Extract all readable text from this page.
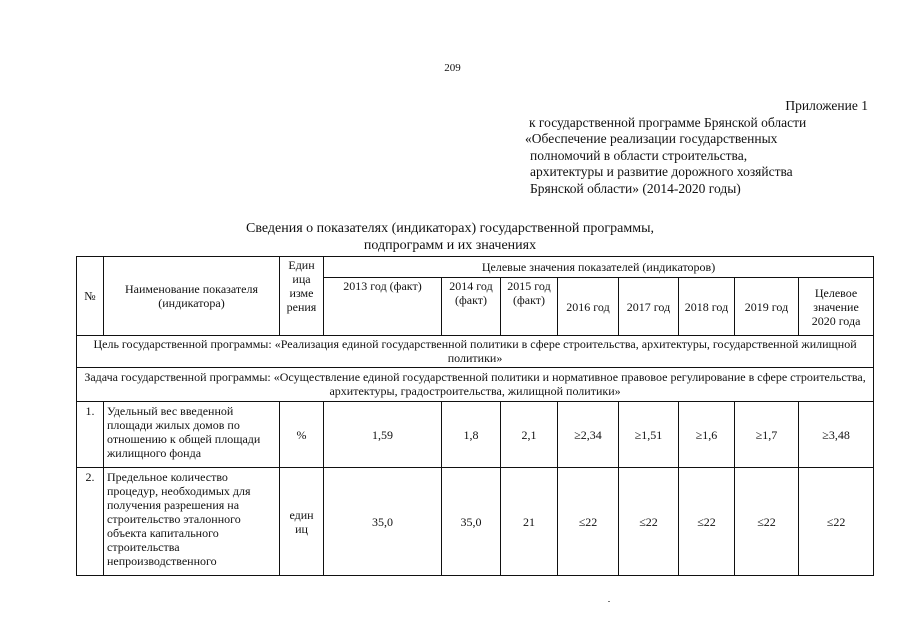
209
Приложение 1
к государственной программе Брянской области
«Обеспечение реализации государственных
полномочий в области строительства,
архитектуры и развитие дорожного хозяйства
Брянской области» (2014-2020 годы)
Сведения о показателях (индикаторах) государственной программы,
подпрограмм и их значениях
№	Наименование показателя (индикатора)	Един ица изме рения	Целевые значения показателей (индикаторов)							
			2013 год (факт)	2014 год (факт)	2015 год (факт)	2016 год	2017 год	2018 год	2019 год	Целевое значение 2020 года
Цель государственной программы: «Реализация единой государственной политики в сфере строительства, архитектуры, государственной жилищной политики»										
Задача государственной программы: «Осуществление единой государственной политики и нормативное правовое регулирование в сфере строительства, архитектуры, градостроительства, жилищной политики»										
1.	Удельный вес введенной площади жилых домов по отношению к общей площади жилищного фонда	%	1,59	1,8	2,1	≥2,34	≥1,51	≥1,6	≥1,7	≥3,48
2.	Предельное количество процедур, необходимых для получения разрешения на строительство эталонного объекта капитального строительства непроизводственного	един иц	35,0	35,0	21	≤22	≤22	≤22	≤22	≤22
